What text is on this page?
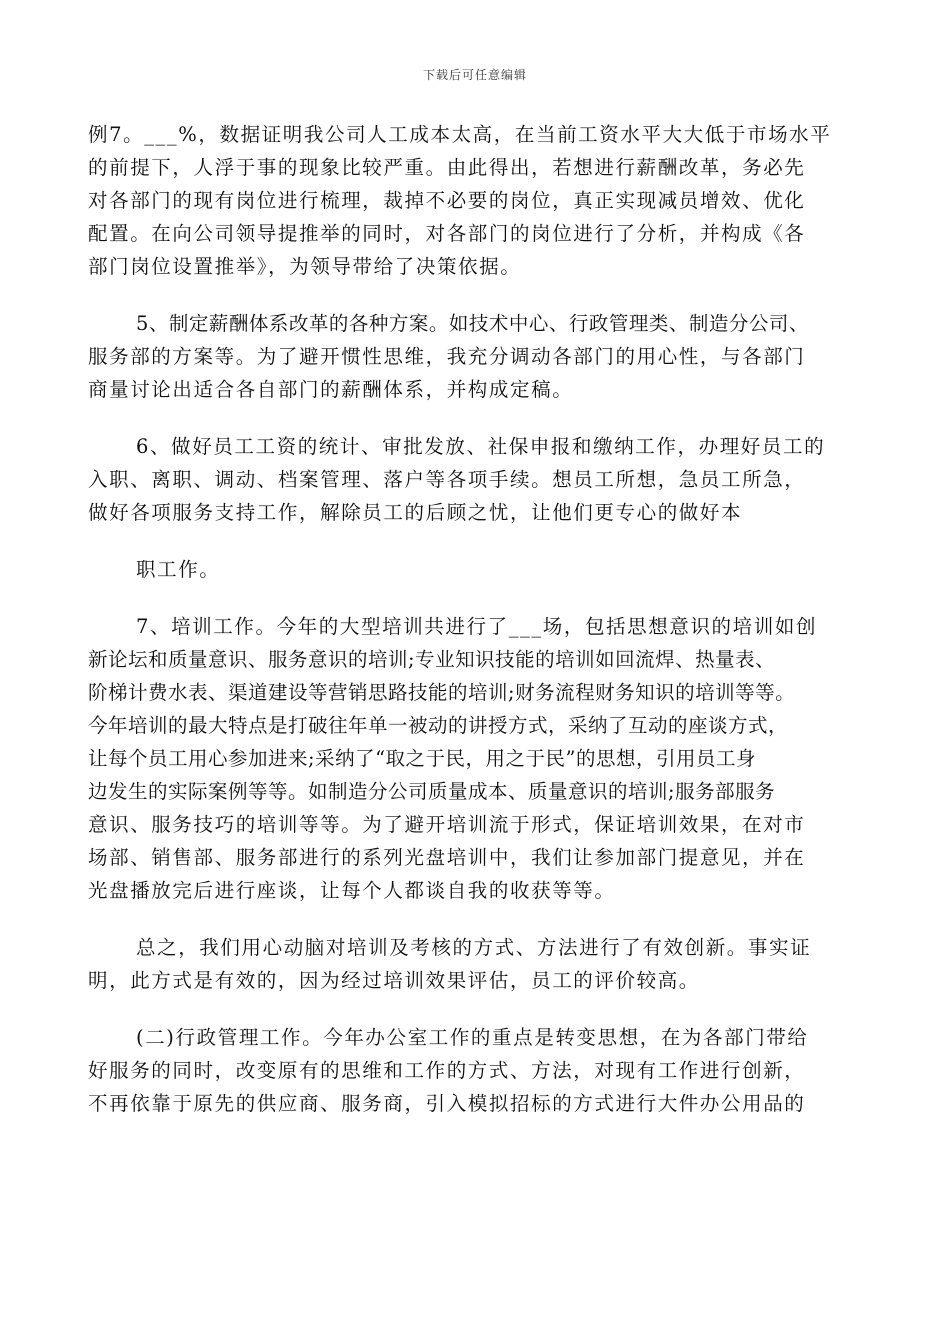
下载后可任意编辑
例7。___%，数据证明我公司人工成本太高，在当前工资水平大大低于市场水平
的前提下，人浮于事的现象比较严重。由此得出，若想进行薪酬改革，务必先
对各部门的现有岗位进行梳理，裁掉不必要的岗位，真正实现减员增效、优化
配置。在向公司领导提推举的同时，对各部门的岗位进行了分析，并构成《各
部门岗位设置推举》，为领导带给了决策依据。
5、制定薪酬体系改革的各种方案。如技术中心、行政管理类、制造分公司、
服务部的方案等。为了避开惯性思维，我充分调动各部门的用心性，与各部门
商量讨论出适合各自部门的薪酬体系，并构成定稿。
6、做好员工工资的统计、审批发放、社保申报和缴纳工作，办理好员工的
入职、离职、调动、档案管理、落户等各项手续。想员工所想，急员工所急，
做好各项服务支持工作，解除员工的后顾之忧，让他们更专心的做好本
职工作。
7、培训工作。今年的大型培训共进行了___场，包括思想意识的培训如创
新论坛和质量意识、服务意识的培训;专业知识技能的培训如回流焊、热量表、
阶梯计费水表、渠道建设等营销思路技能的培训;财务流程财务知识的培训等等。
今年培训的最大特点是打破往年单一被动的讲授方式，采纳了互动的座谈方式，
让每个员工用心参加进来;采纳了“取之于民，用之于民”的思想，引用员工身
边发生的实际案例等等。如制造分公司质量成本、质量意识的培训;服务部服务
意识、服务技巧的培训等等。为了避开培训流于形式，保证培训效果，在对市
场部、销售部、服务部进行的系列光盘培训中，我们让参加部门提意见，并在
光盘播放完后进行座谈，让每个人都谈自我的收获等等。
总之，我们用心动脑对培训及考核的方式、方法进行了有效创新。事实证
明，此方式是有效的，因为经过培训效果评估，员工的评价较高。
(二)行政管理工作。今年办公室工作的重点是转变思想，在为各部门带给
好服务的同时，改变原有的思维和工作的方式、方法，对现有工作进行创新，
不再依靠于原先的供应商、服务商，引入模拟招标的方式进行大件办公用品的
